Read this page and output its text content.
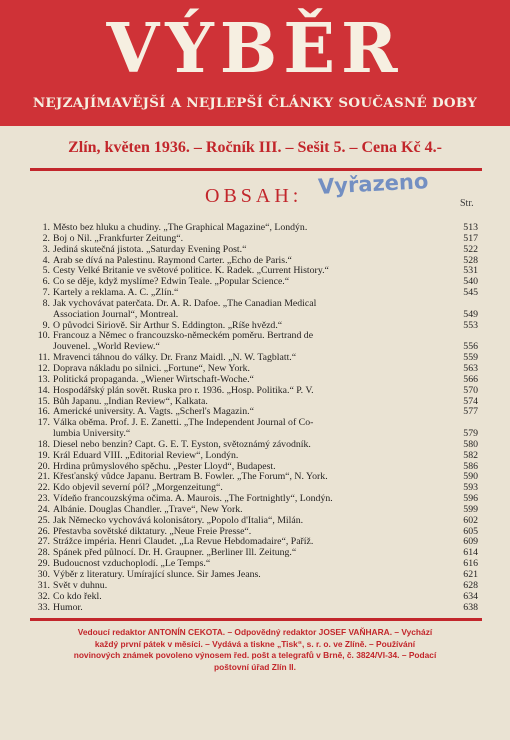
VÝBĚR
NEJZAJÍMAVĚJŠÍ A NEJLEPŠÍ ČLÁNKY SOUČASNÉ DOBY
Zlín, květen 1936. – Ročník III. – Sešit 5. – Cena Kč 4.-
OBSAH: Vyřazeno
Str.
1. Město bez hluku a chudiny. „The Graphical Magazine“, Londýn.	513
2. Boj o Nil. „Frankfurter Zeitung“.	517
3. Jediná skutečná jistota. „Saturday Evening Post.“	522
4. Arab se dívá na Palestinu. Raymond Carter. „Echo de Paris.“	528
5. Cesty Velké Britanie ve světové politice. K. Radek. „Current History.“	531
6. Co se děje, když myslíme? Edwin Teale. „Popular Science.“	540
7. Kartely a reklama. A. C. „Zlín.“	545
8. Jak vychovávat paterčata. Dr. A. R. Dafoe. „The Canadian Medical
Association Journal“, Montreal.	549
9. O původci Siriově. Sir Arthur S. Eddington. „Říše hvězd.“	553
10. Francouz a Němec o francouzsko-německém poměru. Bertrand de
Jouvenel. „World Review.“	556
11. Mravenci táhnou do války. Dr. Franz Maidl. „N. W. Tagblatt.“	559
12. Doprava nákladu po silnici. „Fortune“, New York.	563
13. Politická propaganda. „Wiener Wirtschaft-Woche.“	566
14. Hospodářský plán sovět. Ruska pro r. 1936. „Hosp. Politika.“ P. V.	570
15. Bůh Japanu. „Indian Review“, Kalkata.	574
16. Americké university. A. Vagts. „Scherl's Magazin.“	577
17. Válka oběma. Prof. J. E. Zanetti. „The Independent Journal of Co-
lumbia University.“	579
18. Diesel nebo benzin? Capt. G. E. T. Eyston, světoznámý závodník.	580
19. Král Eduard VIII. „Editorial Review“, Londýn.	582
20. Hrdina průmyslového spěchu. „Pester Lloyd“, Budapest.	586
21. Křesťanský vůdce Japanu. Bertram B. Fowler. „The Forum“, N. York.	590
22. Kdo objevil severní pól? „Morgenzeitung“.	593
23. Vídeňo francouzskýma očima. A. Maurois. „The Fortnightly“, Londýn.	596
24. Albánie. Douglas Chandler. „Trave“, New York.	599
25. Jak Německo vychovává kolonisátory. „Popolo d'Italia“, Milán.	602
26. Přestavba sovětské diktatury. „Neue Freie Presse“.	605
27. Strážce impéria. Henri Claudet. „La Revue Hebdomadaire“, Paříž.	609
28. Spánek před půlnocí. Dr. H. Graupner. „Berliner Ill. Zeitung.“	614
29. Budoucnost vzduchoplodí. „Le Temps.“	616
30. Výběr z literatury. Umírající slunce. Sir James Jeans.	621
31. Svět v duhnu.	628
32. Co kdo řekl.	634
33. Humor.	638
Vedoucí redaktor ANTONÍN CEKOTA. – Odpovědný redaktor JOSEF VAŇHARA. – Vychází
každý první pátek v měsíci. – Vydává a tiskne „Tisk“, s. r. o. ve Zlíně. – Používání
novinových známek povoleno výnosem řed. pošt a telegrafů v Brně, č. 3824/VI-34. – Podací
poštovní úřad Zlín II.
